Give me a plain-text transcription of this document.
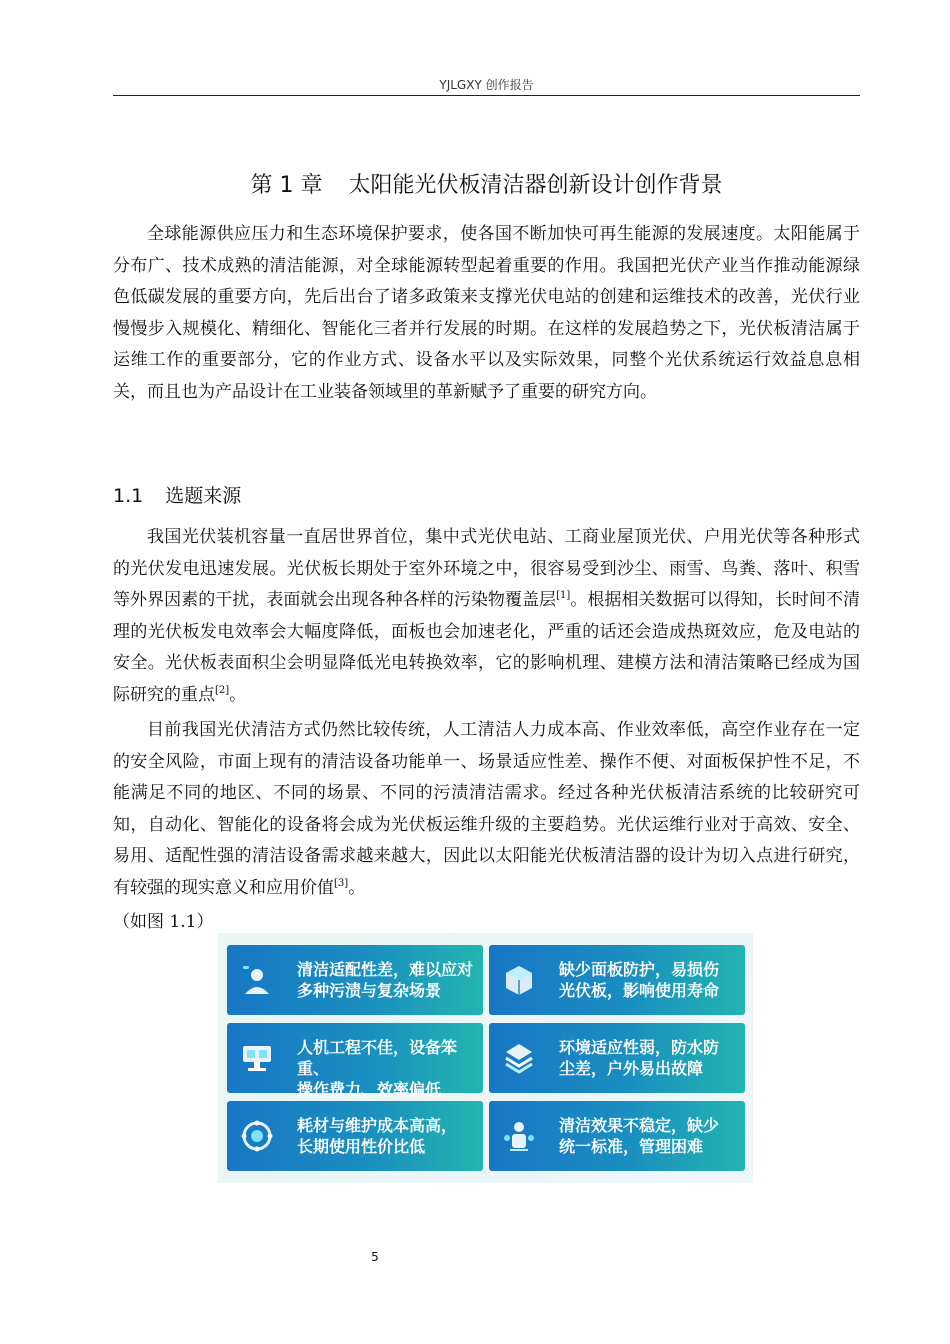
YJLGXY 创作报告
第 1 章 太阳能光伏板清洁器创新设计创作背景

全球能源供应压力和生态环境保护要求，使各国不断加快可再生能源的发展速度。太阳能属于分布广、技术成熟的清洁能源，对全球能源转型起着重要的作用。我国把光伏产业当作推动能源绿色低碳发展的重要方向，先后出台了诸多政策来支撑光伏电站的创建和运维技术的改善，光伏行业慢慢步入规模化、精细化、智能化三者并行发展的时期。在这样的发展趋势之下，光伏板清洁属于运维工作的重要部分，它的作业方式、设备水平以及实际效果，同整个光伏系统运行效益息息相关，而且也为产品设计在工业装备领域里的革新赋予了重要的研究方向。

1.1 选题来源

我国光伏装机容量一直居世界首位，集中式光伏电站、工商业屋顶光伏、户用光伏等各种形式的光伏发电迅速发展。光伏板长期处于室外环境之中，很容易受到沙尘、雨雪、鸟粪、落叶、积雪等外界因素的干扰，表面就会出现各种各样的污染物覆盖层[1]。根据相关数据可以得知，长时间不清理的光伏板发电效率会大幅度降低，面板也会加速老化，严重的话还会造成热斑效应，危及电站的安全。光伏板表面积尘会明显降低光电转换效率，它的影响机理、建模方法和清洁策略已经成为国际研究的重点[2]。

目前我国光伏清洁方式仍然比较传统，人工清洁人力成本高、作业效率低，高空作业存在一定的安全风险，市面上现有的清洁设备功能单一、场景适应性差、操作不便、对面板保护性不足，不能满足不同的地区、不同的场景、不同的污渍清洁需求。经过各种光伏板清洁系统的比较研究可知，自动化、智能化的设备将会成为光伏板运维升级的主要趋势。光伏运维行业对于高效、安全、易用、适配性强的清洁设备需求越来越大，因此以太阳能光伏板清洁器的设计为切入点进行研究，有较强的现实意义和应用价值[3]。

（如图 1.1）

清洁适配性差，难以应对
多种污渍与复杂场景
缺少面板防护，易损伤
光伏板，影响使用寿命
人机工程不佳，设备笨重、
操作费力、效率偏低
环境适应性弱，防水防
尘差，户外易出故障
耗材与维护成本高高，
长期使用性价比低
清洁效果不稳定，缺少
统一标准，管理困难
5
